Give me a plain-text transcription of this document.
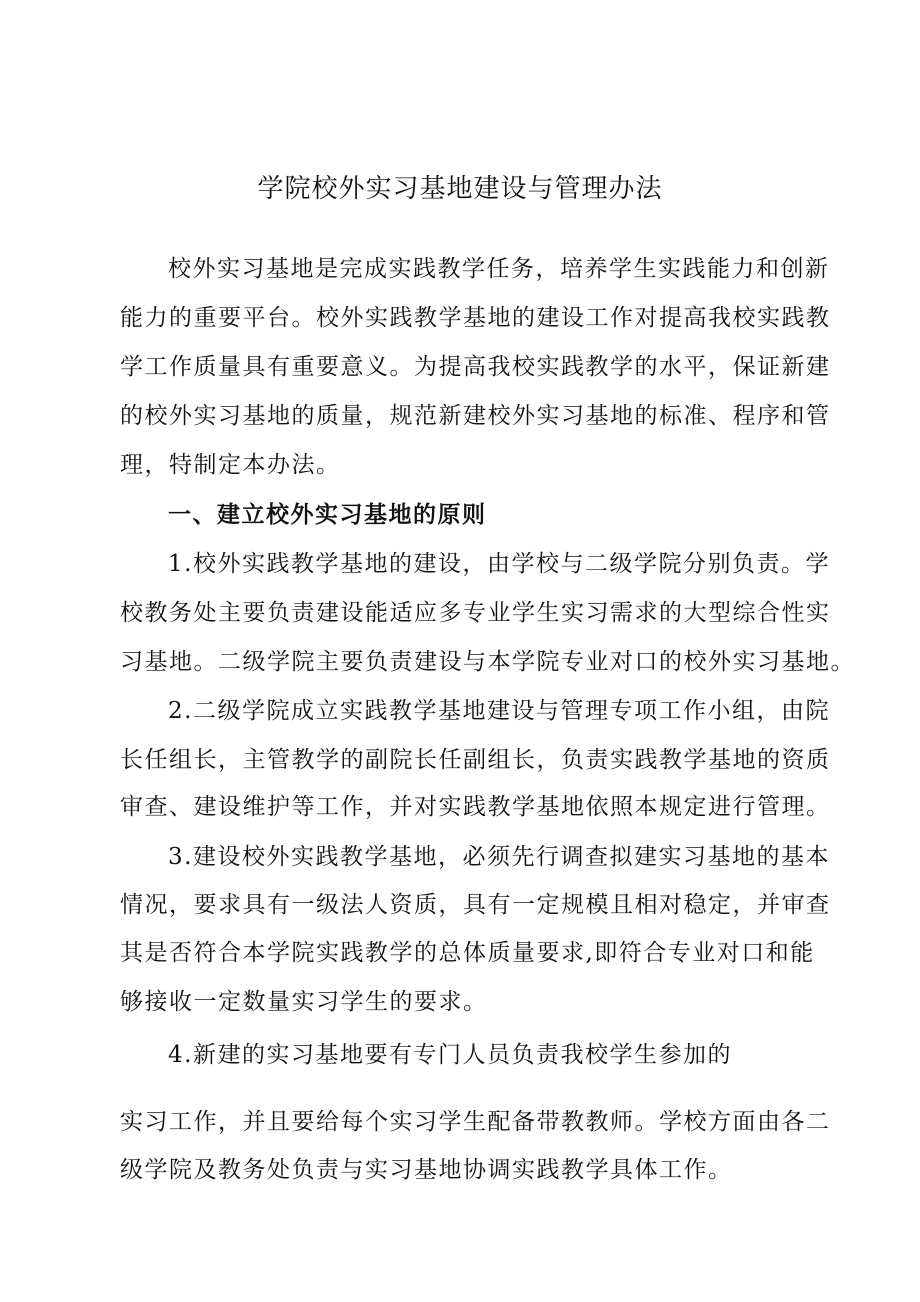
学院校外实习基地建设与管理办法
校外实习基地是完成实践教学任务，培养学生实践能力和创新
能力的重要平台。校外实践教学基地的建设工作对提高我校实践教
学工作质量具有重要意义。为提高我校实践教学的水平，保证新建
的校外实习基地的质量，规范新建校外实习基地的标准、程序和管
理，特制定本办法。
一、建立校外实习基地的原则
1.校外实践教学基地的建设，由学校与二级学院分别负责。学
校教务处主要负责建设能适应多专业学生实习需求的大型综合性实
习基地。二级学院主要负责建设与本学院专业对口的校外实习基地。
2.二级学院成立实践教学基地建设与管理专项工作小组，由院
长任组长，主管教学的副院长任副组长，负责实践教学基地的资质
审查、建设维护等工作，并对实践教学基地依照本规定进行管理。
3.建设校外实践教学基地，必须先行调查拟建实习基地的基本
情况，要求具有一级法人资质，具有一定规模且相对稳定，并审查
其是否符合本学院实践教学的总体质量要求,即符合专业对口和能
够接收一定数量实习学生的要求。
4.新建的实习基地要有专门人员负责我校学生参加的
实习工作，并且要给每个实习学生配备带教教师。学校方面由各二
级学院及教务处负责与实习基地协调实践教学具体工作。
